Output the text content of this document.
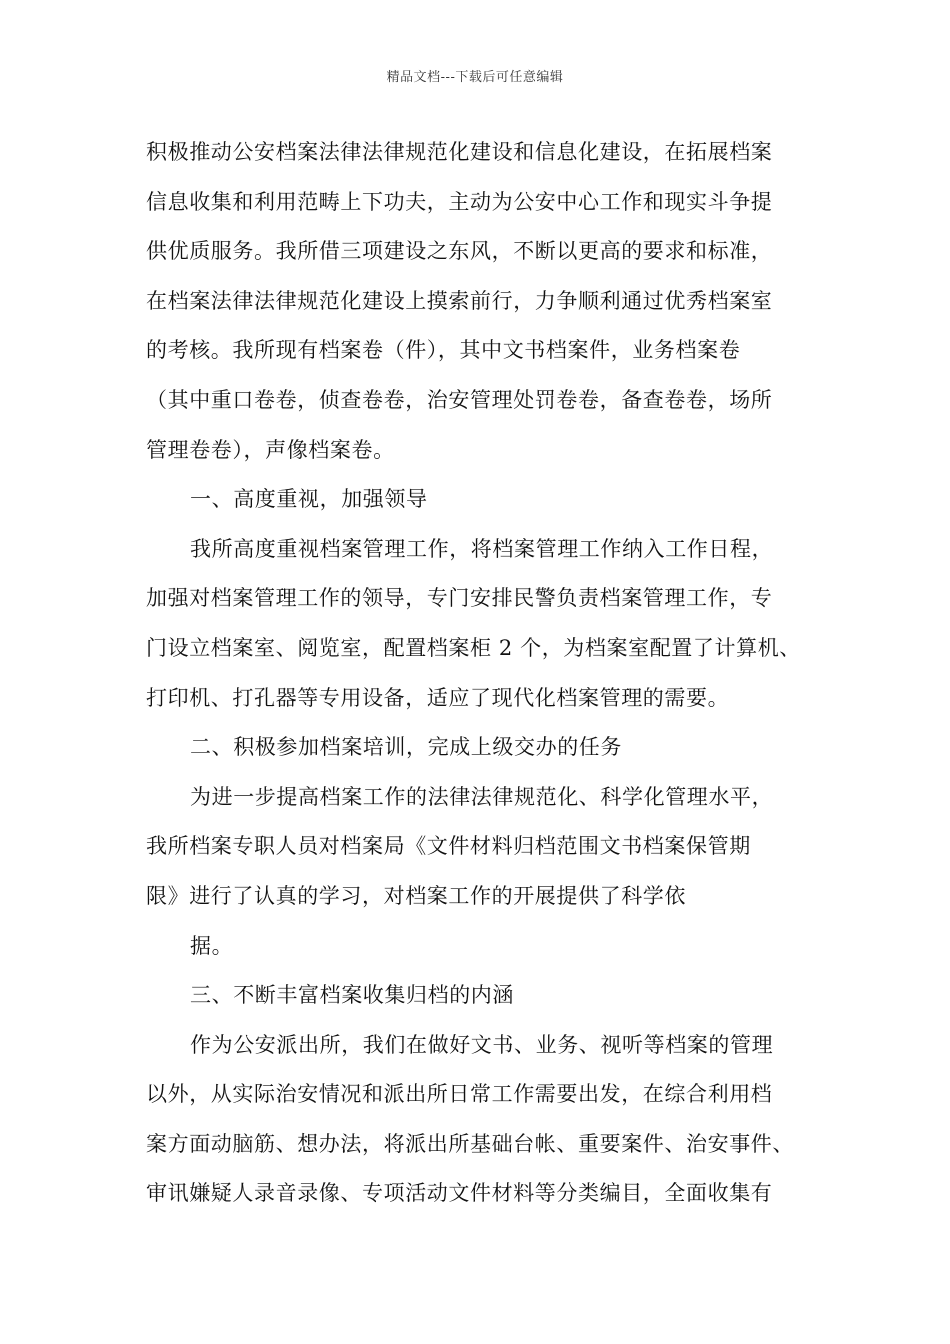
精品文档---下载后可任意编辑
积极推动公安档案法律法律规范化建设和信息化建设，在拓展档案
信息收集和利用范畴上下功夫，主动为公安中心工作和现实斗争提
供优质服务。我所借三项建设之东风，不断以更高的要求和标准，
在档案法律法律规范化建设上摸索前行，力争顺利通过优秀档案室
的考核。我所现有档案卷（件），其中文书档案件，业务档案卷
（其中重口卷卷，侦查卷卷，治安管理处罚卷卷，备查卷卷，场所
管理卷卷），声像档案卷。
一、高度重视，加强领导
我所高度重视档案管理工作，将档案管理工作纳入工作日程，
加强对档案管理工作的领导，专门安排民警负责档案管理工作，专
门设立档案室、阅览室，配置档案柜 2 个，为档案室配置了计算机、
打印机、打孔器等专用设备，适应了现代化档案管理的需要。
二、积极参加档案培训，完成上级交办的任务
为进一步提高档案工作的法律法律规范化、科学化管理水平，
我所档案专职人员对档案局《文件材料归档范围文书档案保管期
限》进行了认真的学习，对档案工作的开展提供了科学依
据。
三、不断丰富档案收集归档的内涵
作为公安派出所，我们在做好文书、业务、视听等档案的管理
以外，从实际治安情况和派出所日常工作需要出发，在综合利用档
案方面动脑筋、想办法，将派出所基础台帐、重要案件、治安事件、
审讯嫌疑人录音录像、专项活动文件材料等分类编目，全面收集有
